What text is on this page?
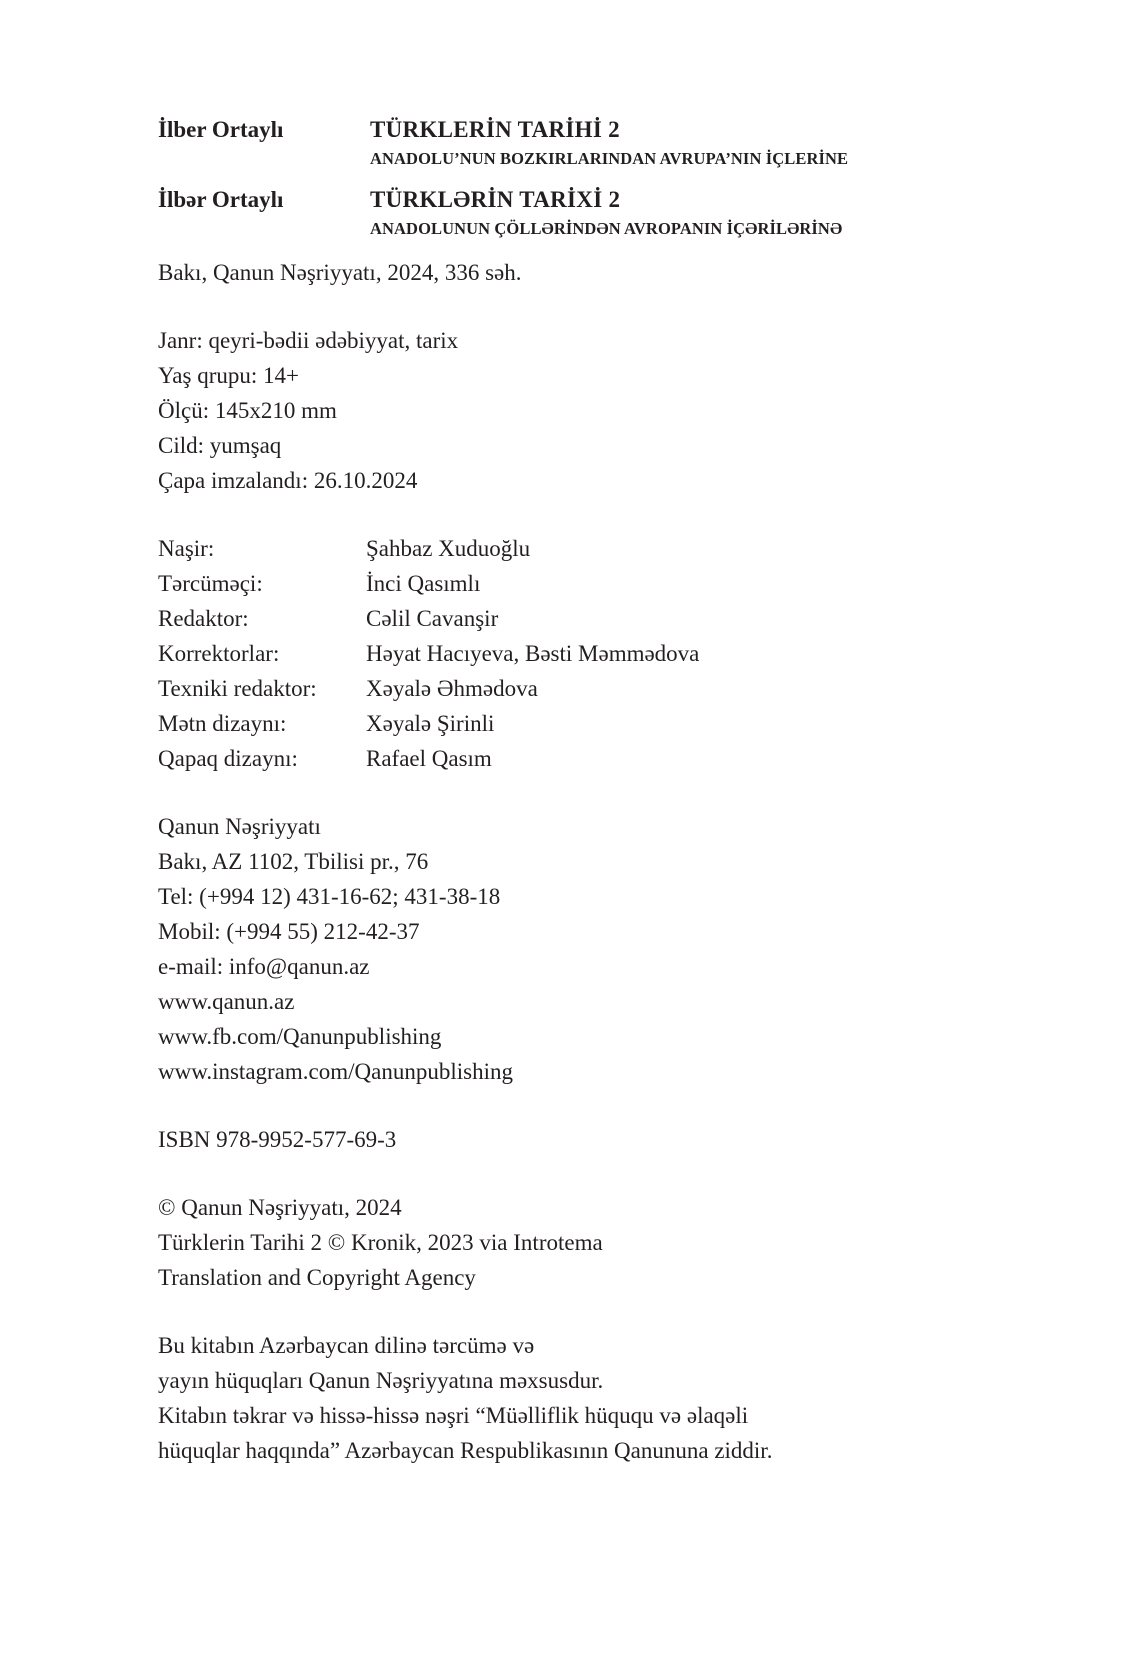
İlber Ortaylı	TÜRKLERİN TARİHİ 2
ANADOLU’NUN BOZKIRLARINDAN AVRUPA’NIN İÇLERİNE
İlbər Ortaylı	TÜRKLƏRİN TARİXİ 2
ANADOLUNUN ÇÖLLƏRİNDƏN AVROPANIN İÇƏRİLƏRİNƏ
Bakı, Qanun Nəşriyyatı, 2024, 336 səh.
Janr: qeyri-bədii ədəbiyyat, tarix
Yaş qrupu: 14+
Ölçü: 145x210 mm
Cild: yumşaq
Çapa imzalandı: 26.10.2024
Naşir:	Şahbaz Xuduoğlu
Tərcüməçi:	İnci Qasımlı
Redaktor:	Cəlil Cavanşir
Korrektorlar:	Həyat Hacıyeva, Bəsti Məmmədova
Texniki redaktor: Xəyalə Əhmədova
Mətn dizaynı:	Xəyalə Şirinli
Qapaq dizaynı:	Rafael Qasım
Qanun Nəşriyyatı
Bakı, AZ 1102, Tbilisi pr., 76
Tel: (+994 12) 431-16-62; 431-38-18
Mobil: (+994 55) 212-42-37
e-mail: info@qanun.az
www.qanun.az
www.fb.com/Qanunpublishing
www.instagram.com/Qanunpublishing
ISBN 978-9952-577-69-3
© Qanun Nəşriyyatı, 2024
Türklerin Tarihi 2 © Kronik, 2023 via Introtema
Translation and Copyright Agency
Bu kitabın Azərbaycan dilinə tərcümə və
yayın hüquqları Qanun Nəşriyyatına məxsusdur.
Kitabın təkrar və hissə-hissə nəşri “Müəlliflik hüququ və əlaqəli
hüquqlar haqqında” Azərbaycan Respublikasının Qanununa ziddir.
